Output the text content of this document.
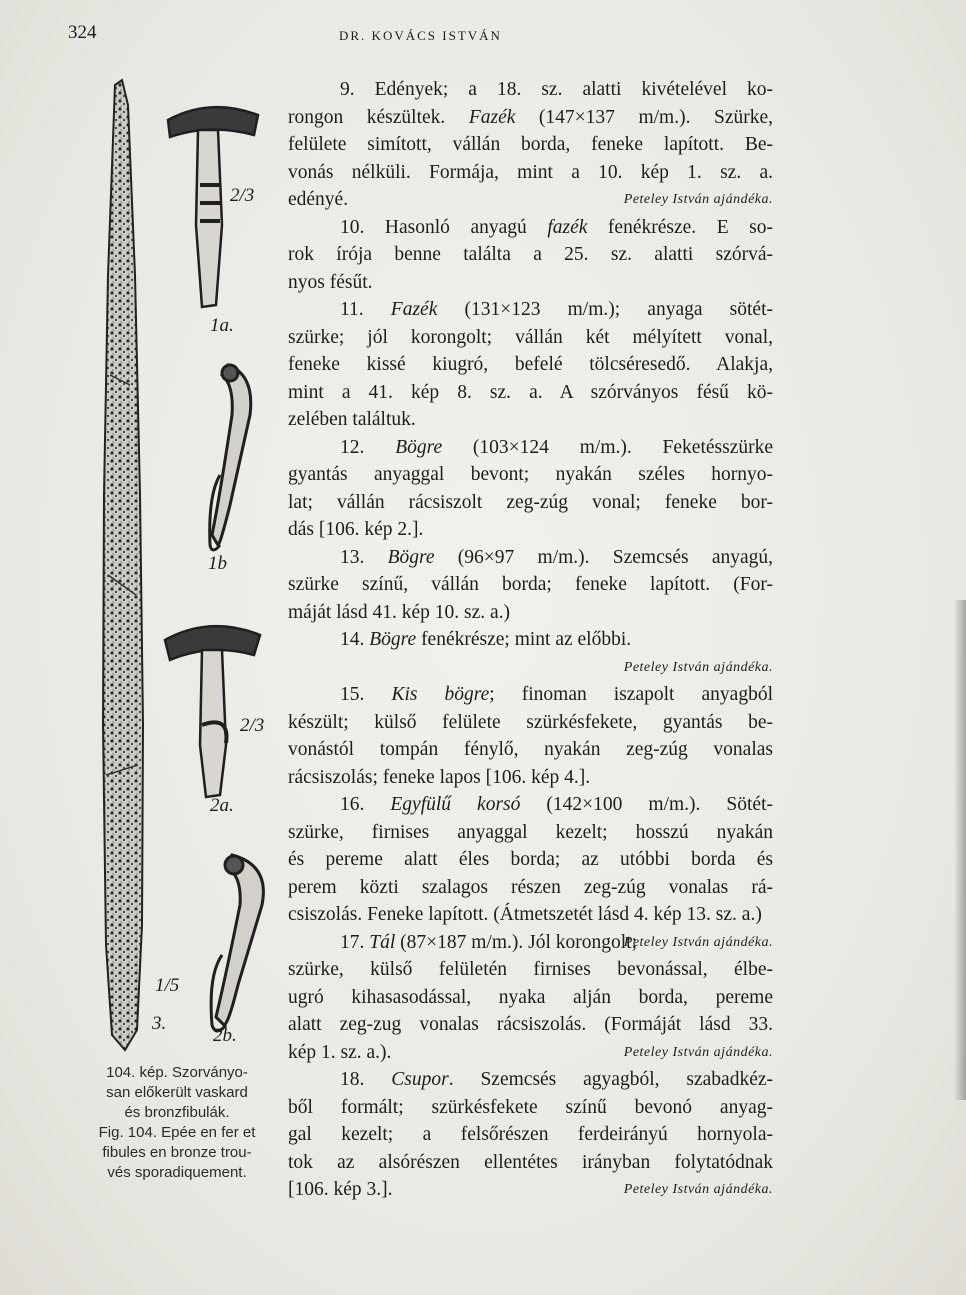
324	DR. KOVÁCS ISTVÁN
2/3
1a.
1b
2/3
2a.
1/5
3.
2b.
104. kép. Szorványo-
san előkerült vaskard
és bronzfibulák.
Fig. 104. Epée en fer et
fibules en bronze trou-
vés sporadiquement.
9. Edények; a 18. sz. alatti kivételével ko-
rongon készültek. Fazék (147×137 m/m.). Szürke,
felülete simított, vállán borda, feneke lapított. Be-
vonás nélküli. Formája, mint a 10. kép 1. sz. a.
edényé.	Peteley István ajándéka.
10. Hasonló anyagú fazék fenékrésze. E so-
rok írója benne találta a 25. sz. alatti szórvá-
nyos fésűt.
11. Fazék (131×123 m/m.); anyaga sötét-
szürke; jól korongolt; vállán két mélyített vonal,
feneke kissé kiugró, befelé tölcséresedő. Alakja,
mint a 41. kép 8. sz. a. A szórványos fésű kö-
zelében találtuk.
12. Bögre (103×124 m/m.). Feketésszürke
gyantás anyaggal bevont; nyakán széles hornyo-
lat; vállán rácsiszolt zeg-zúg vonal; feneke bor-
dás [106. kép 2.].
13. Bögre (96×97 m/m.). Szemcsés anyagú,
szürke színű, vállán borda; feneke lapított. (For-
máját lásd 41. kép 10. sz. a.)
14. Bögre fenékrésze; mint az előbbi.
Peteley István ajándéka.
15. Kis bögre; finoman iszapolt anyagból
készült; külső felülete szürkésfekete, gyantás be-
vonástól tompán fénylő, nyakán zeg-zúg vonalas
rácsiszolás; feneke lapos [106. kép 4.].
16. Egyfülű korsó (142×100 m/m.). Sötét-
szürke, firnises anyaggal kezelt; hosszú nyakán
és pereme alatt éles borda; az utóbbi borda és
perem közti szalagos részen zeg-zúg vonalas rá-
csiszolás. Feneke lapított. (Átmetszetét lásd 4. kép 13. sz. a.)
Peteley István ajándéka.
17. Tál (87×187 m/m.). Jól korongolt;
szürke, külső felületén firnises bevonással, élbe-
ugró kihasasodással, nyaka alján borda, pereme
alatt zeg-zug vonalas rácsiszolás. (Formáját lásd 33.
kép 1. sz. a.).	Peteley István ajándéka.
18. Csupor. Szemcsés agyagból, szabadkéz-
ből formált; szürkésfekete színű bevonó anyag-
gal kezelt; a felsőrészen ferdeirányú hornyola-
tok az alsórészen ellentétes irányban folytatódnak
[106. kép 3.].	Peteley István ajándéka.
